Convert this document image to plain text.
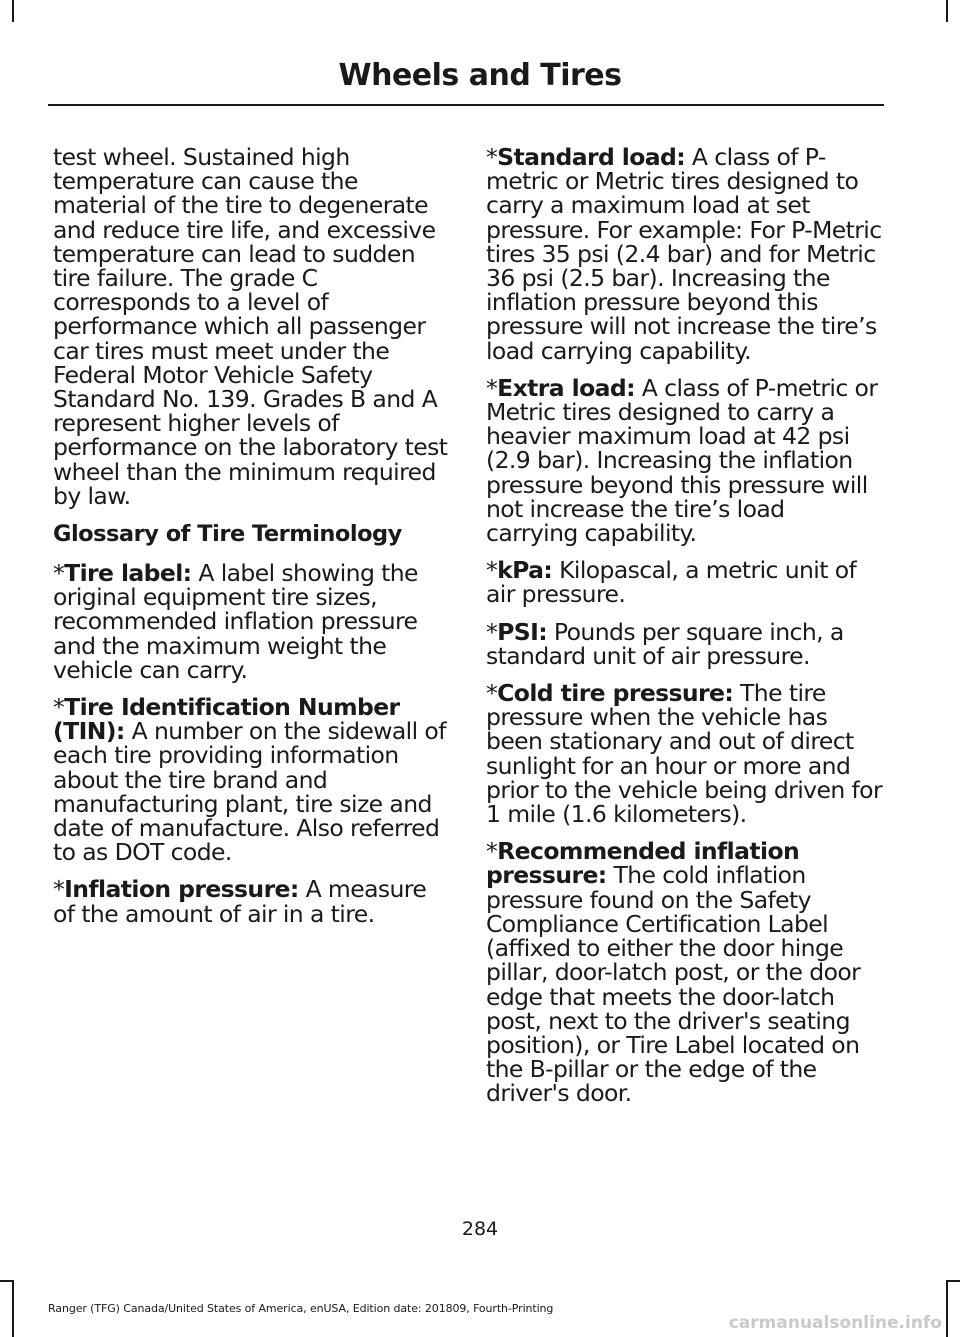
Wheels and Tires

test wheel. Sustained high temperature can cause the material of the tire to degenerate and reduce tire life, and excessive temperature can lead to sudden tire failure. The grade C corresponds to a level of performance which all passenger car tires must meet under the Federal Motor Vehicle Safety Standard No. 139. Grades B and A represent higher levels of performance on the laboratory test wheel than the minimum required by law.

Glossary of Tire Terminology

*Tire label: A label showing the original equipment tire sizes, recommended inflation pressure and the maximum weight the vehicle can carry.

*Tire Identification Number (TIN): A number on the sidewall of each tire providing information about the tire brand and manufacturing plant, tire size and date of manufacture. Also referred to as DOT code.

*Inflation pressure: A measure of the amount of air in a tire.

*Standard load: A class of P-metric or Metric tires designed to carry a maximum load at set pressure. For example: For P-Metric tires 35 psi (2.4 bar) and for Metric 36 psi (2.5 bar). Increasing the inflation pressure beyond this pressure will not increase the tire’s load carrying capability.

*Extra load: A class of P-metric or Metric tires designed to carry a heavier maximum load at 42 psi (2.9 bar). Increasing the inflation pressure beyond this pressure will not increase the tire’s load carrying capability.

*kPa: Kilopascal, a metric unit of air pressure.

*PSI: Pounds per square inch, a standard unit of air pressure.

*Cold tire pressure: The tire pressure when the vehicle has been stationary and out of direct sunlight for an hour or more and prior to the vehicle being driven for 1 mile (1.6 kilometers).

*Recommended inflation pressure: The cold inflation pressure found on the Safety Compliance Certification Label (affixed to either the door hinge pillar, door-latch post, or the door edge that meets the door-latch post, next to the driver's seating position), or Tire Label located on the B-pillar or the edge of the driver's door.

284
Ranger (TFG) Canada/United States of America, enUSA, Edition date: 201809, Fourth-Printing
carmanualsonline.info
